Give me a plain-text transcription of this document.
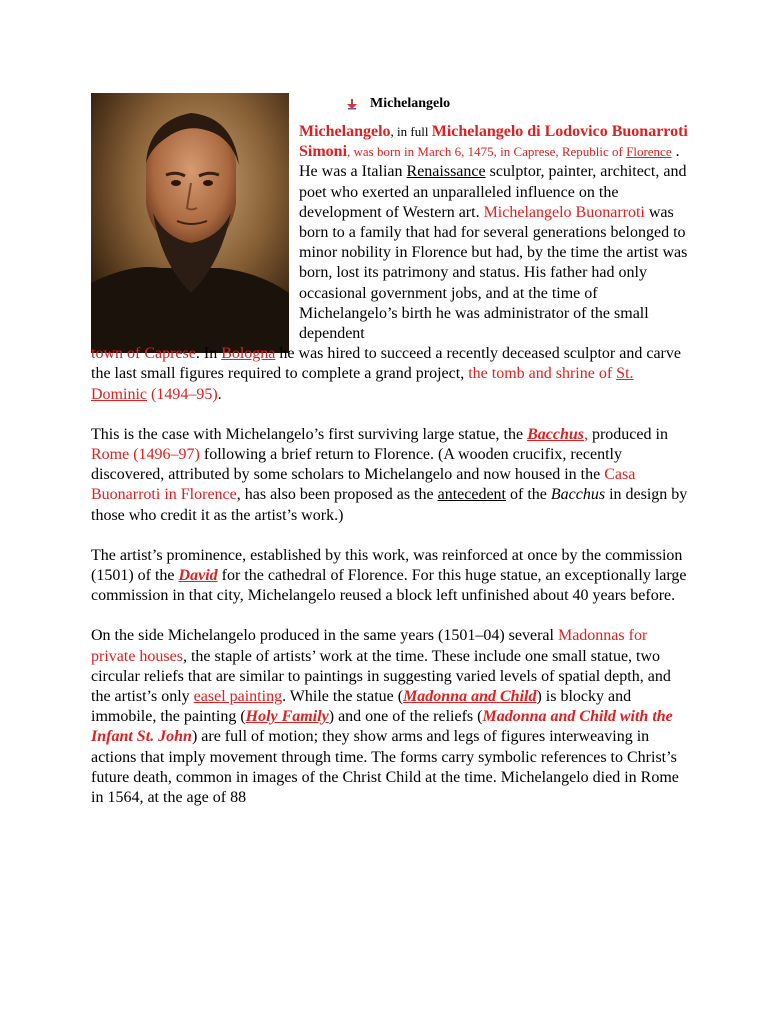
Michelangelo

Michelangelo, in full Michelangelo di Lodovico Buonarroti Simoni, was born in March 6, 1475, in Caprese, Republic of Florence . He was a Italian Renaissance sculptor, painter, architect, and poet who exerted an unparalleled influence on the development of Western art. Michelangelo Buonarroti was born to a family that had for several generations belonged to minor nobility in Florence but had, by the time the artist was born, lost its patrimony and status. His father had only occasional government jobs, and at the time of Michelangelo’s birth he was administrator of the small dependent
town of Caprese. In Bologna he was hired to succeed a recently deceased sculptor and carve the last small figures required to complete a grand project, the tomb and shrine of St. Dominic (1494–95).

This is the case with Michelangelo’s first surviving large statue, the Bacchus, produced in Rome (1496–97) following a brief return to Florence. (A wooden crucifix, recently discovered, attributed by some scholars to Michelangelo and now housed in the Casa Buonarroti in Florence, has also been proposed as the antecedent of the Bacchus in design by those who credit it as the artist’s work.)

The artist’s prominence, established by this work, was reinforced at once by the commission (1501) of the David for the cathedral of Florence. For this huge statue, an exceptionally large commission in that city, Michelangelo reused a block left unfinished about 40 years before.

On the side Michelangelo produced in the same years (1501–04) several Madonnas for private houses, the staple of artists’ work at the time. These include one small statue, two circular reliefs that are similar to paintings in suggesting varied levels of spatial depth, and the artist’s only easel painting. While the statue (Madonna and Child) is blocky and immobile, the painting (Holy Family) and one of the reliefs (Madonna and Child with the Infant St. John) are full of motion; they show arms and legs of figures interweaving in actions that imply movement through time. The forms carry symbolic references to Christ’s future death, common in images of the Christ Child at the time. Michelangelo died in Rome in 1564, at the age of 88
